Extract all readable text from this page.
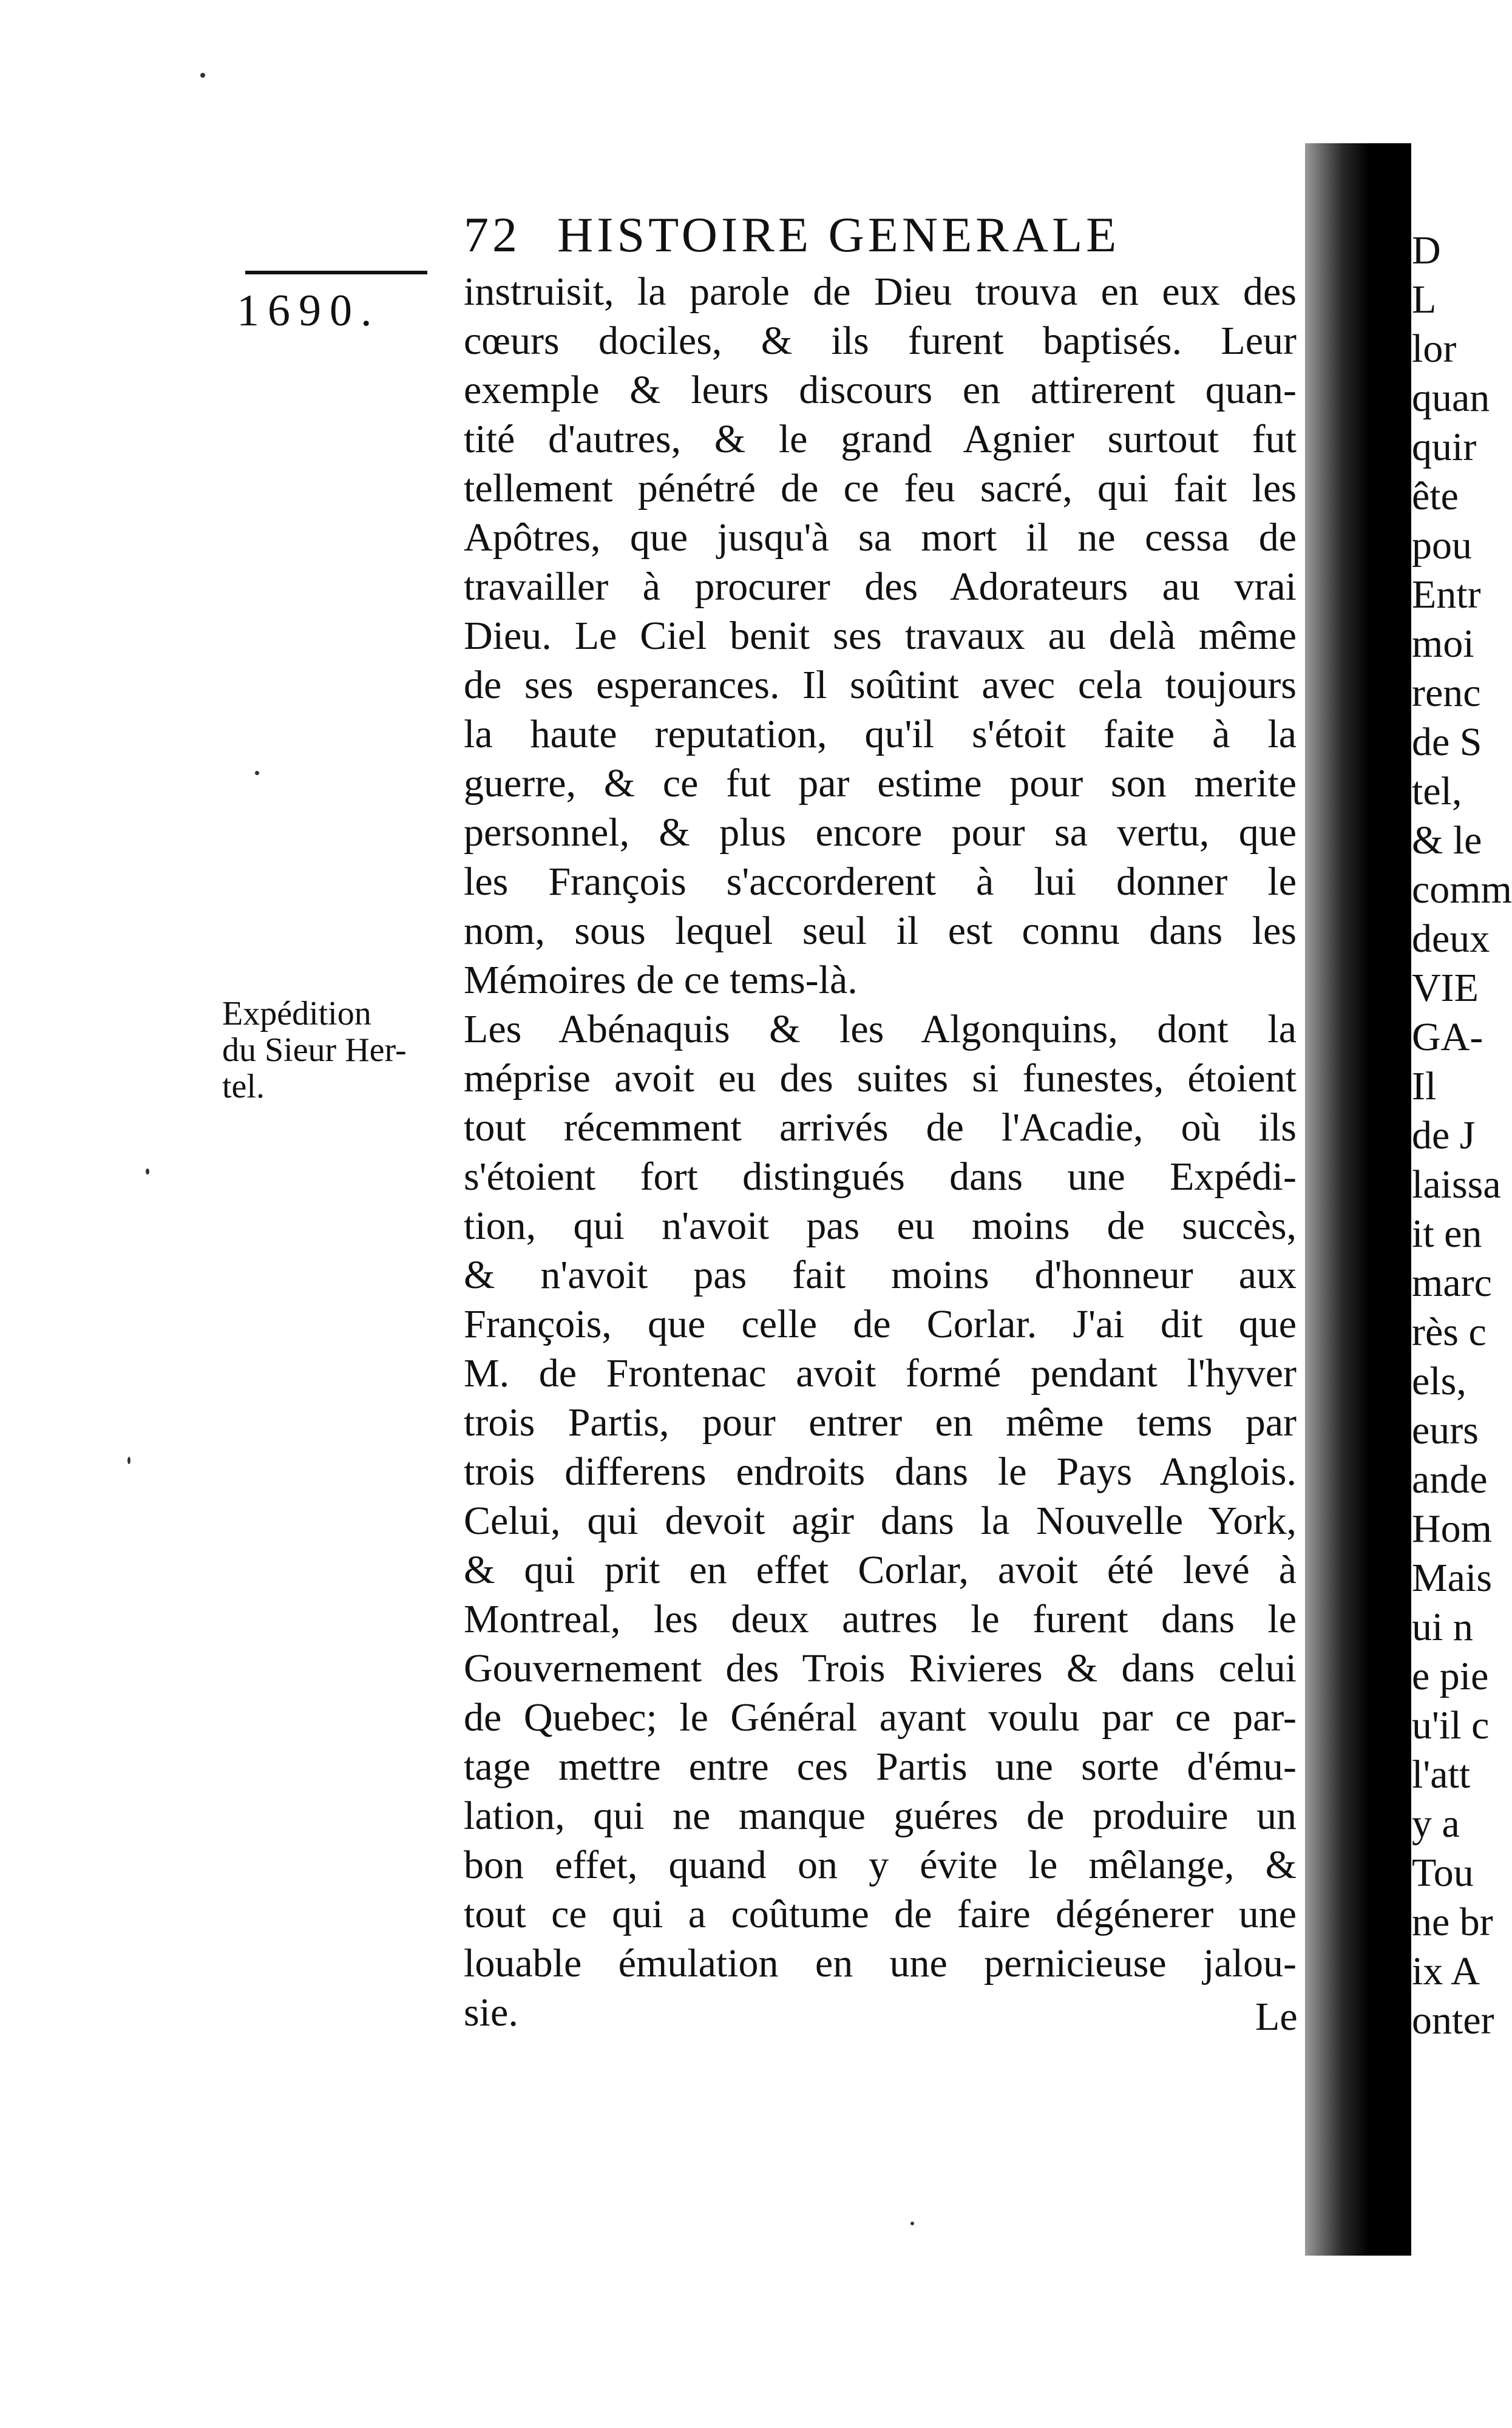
D
L
lor
quan
quir
ête
pou
Entr
moi
renc
de S
tel,
& le
comm
deux
VIE
GA-
Il
de J
laissa
it en
marc
rès c
els,
eurs
ande
Hom
Mais
ui n
e pie
u'il c
l'att
y a
Tou
ne br
ix A
onter
72 HISTOIRE GENERALE
1690.
Expédition
du Sieur Her-
tel.
instruisit, la parole de Dieu trouva en eux des
cœurs dociles, & ils furent baptisés. Leur
exemple & leurs discours en attirerent quan-
tité d'autres, & le grand Agnier surtout fut
tellement pénétré de ce feu sacré, qui fait les
Apôtres, que jusqu'à sa mort il ne cessa de
travailler à procurer des Adorateurs au vrai
Dieu. Le Ciel benit ses travaux au delà même
de ses esperances. Il soûtint avec cela toujours
la haute reputation, qu'il s'étoit faite à la
guerre, & ce fut par estime pour son merite
personnel, & plus encore pour sa vertu, que
les François s'accorderent à lui donner le
nom, sous lequel seul il est connu dans les
Mémoires de ce tems-là.
Les Abénaquis & les Algonquins, dont la
méprise avoit eu des suites si funestes, étoient
tout récemment arrivés de l'Acadie, où ils
s'étoient fort distingués dans une Expédi-
tion, qui n'avoit pas eu moins de succès,
& n'avoit pas fait moins d'honneur aux
François, que celle de Corlar. J'ai dit que
M. de Frontenac avoit formé pendant l'hyver
trois Partis, pour entrer en même tems par
trois differens endroits dans le Pays Anglois.
Celui, qui devoit agir dans la Nouvelle York,
& qui prit en effet Corlar, avoit été levé à
Montreal, les deux autres le furent dans le
Gouvernement des Trois Rivieres & dans celui
de Quebec; le Général ayant voulu par ce par-
tage mettre entre ces Partis une sorte d'ému-
lation, qui ne manque guéres de produire un
bon effet, quand on y évite le mêlange, &
tout ce qui a coûtume de faire dégénerer une
louable émulation en une pernicieuse jalou-
sie.	Le
